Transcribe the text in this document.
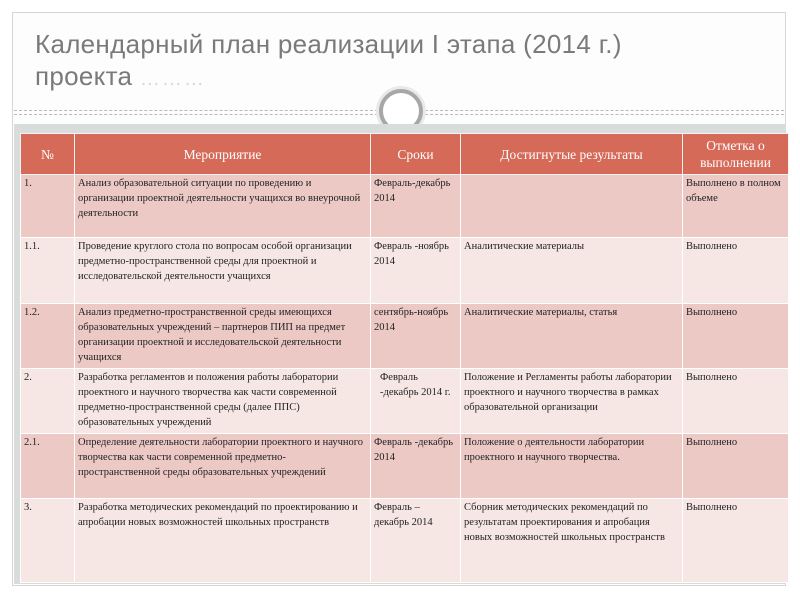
Календарный план реализации I этапа (2014 г.)
проекта ………
№	Мероприятие	Сроки	Достигнутые результаты	Отметка о выполнении
1.	Анализ образовательной ситуации по проведению и организации проектной деятельности учащихся во внеурочной деятельности	Февраль-декабрь 2014		Выполнено в полном объеме
1.1.	Проведение круглого стола по вопросам особой организации предметно-пространственной среды для проектной и исследовательской деятельности учащихся	Февраль -ноябрь 2014	Аналитические материалы	Выполнено
1.2.	Анализ предметно-пространственной среды имеющихся образовательных учреждений – партнеров ПИП на предмет организации проектной и исследовательской деятельности учащихся	сентябрь-ноябрь 2014	Аналитические материалы, статья	Выполнено
2.	Разработка регламентов и положения работы лаборатории проектного и научного творчества как части современной предметно-пространственной среды (далее ППС) образовательных учреждений	Февраль -декабрь 2014 г.	Положение и Регламенты работы лаборатории проектного и научного творчества в рамках образовательной организации	Выполнено
2.1.	Определение деятельности лаборатории проектного и научного творчества как части современной предметно-пространственной среды образовательных учреждений	Февраль -декабрь 2014	Положение о деятельности лаборатории проектного и научного творчества.	Выполнено
3.	Разработка методических рекомендаций по проектированию и апробации новых возможностей школьных пространств	Февраль – декабрь 2014	Сборник методических рекомендаций по результатам проектирования и апробация новых возможностей школьных пространств	Выполнено
